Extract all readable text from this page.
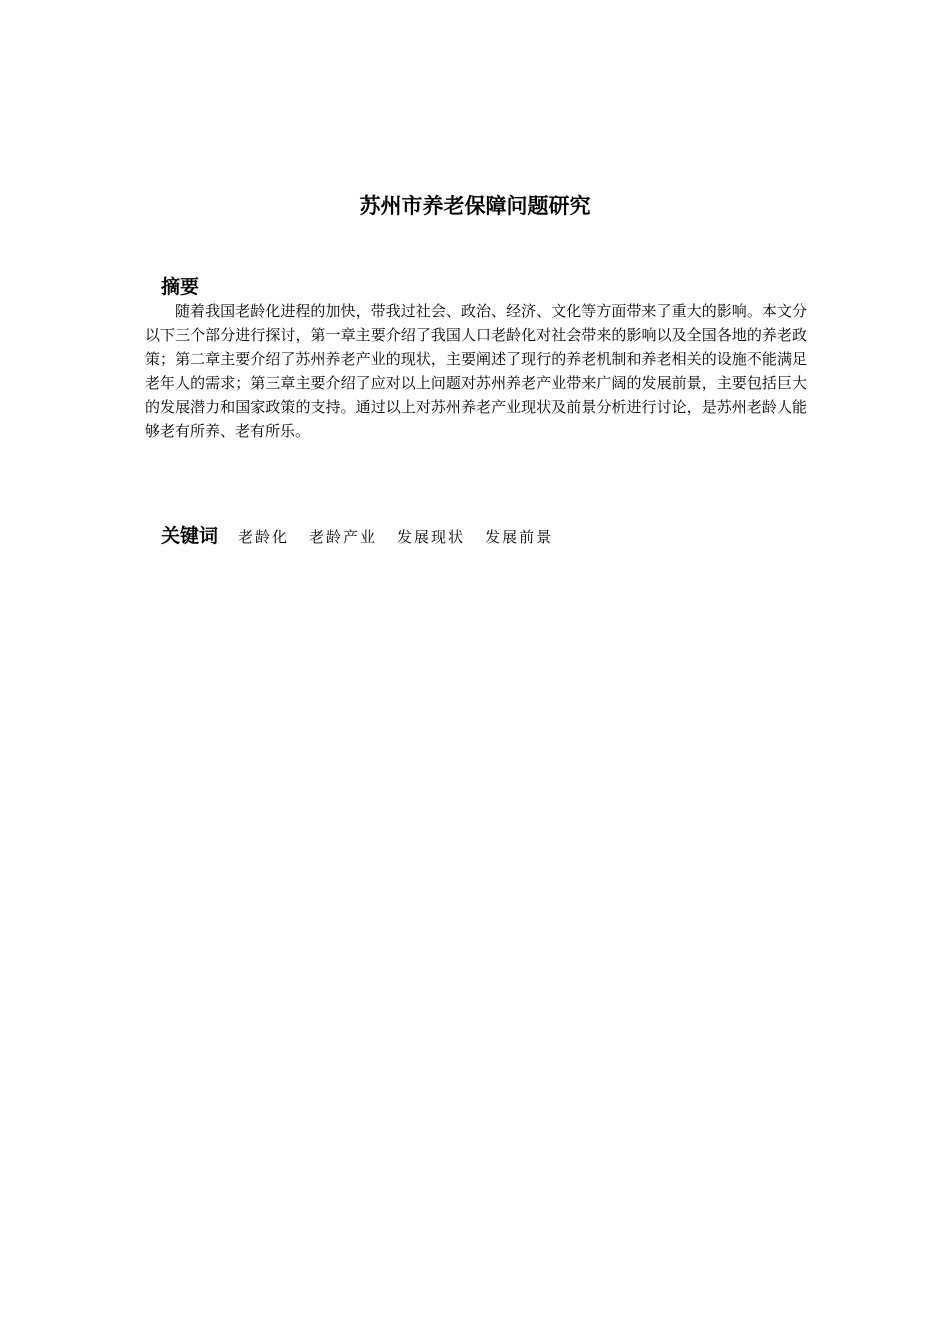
苏州市养老保障问题研究
摘要

随着我国老龄化进程的加快，带我过社会、政治、经济、文化等方面带来了重大的影响。本文分以下三个部分进行探讨，第一章主要介绍了我国人口老龄化对社会带来的影响以及全国各地的养老政策；第二章主要介绍了苏州养老产业的现状，主要阐述了现行的养老机制和养老相关的设施不能满足老年人的需求；第三章主要介绍了应对以上问题对苏州养老产业带来广阔的发展前景，主要包括巨大的发展潜力和国家政策的支持。通过以上对苏州养老产业现状及前景分析进行讨论，是苏州老龄人能够老有所养、老有所乐。

关键词 老龄化 老龄产业 发展现状 发展前景
